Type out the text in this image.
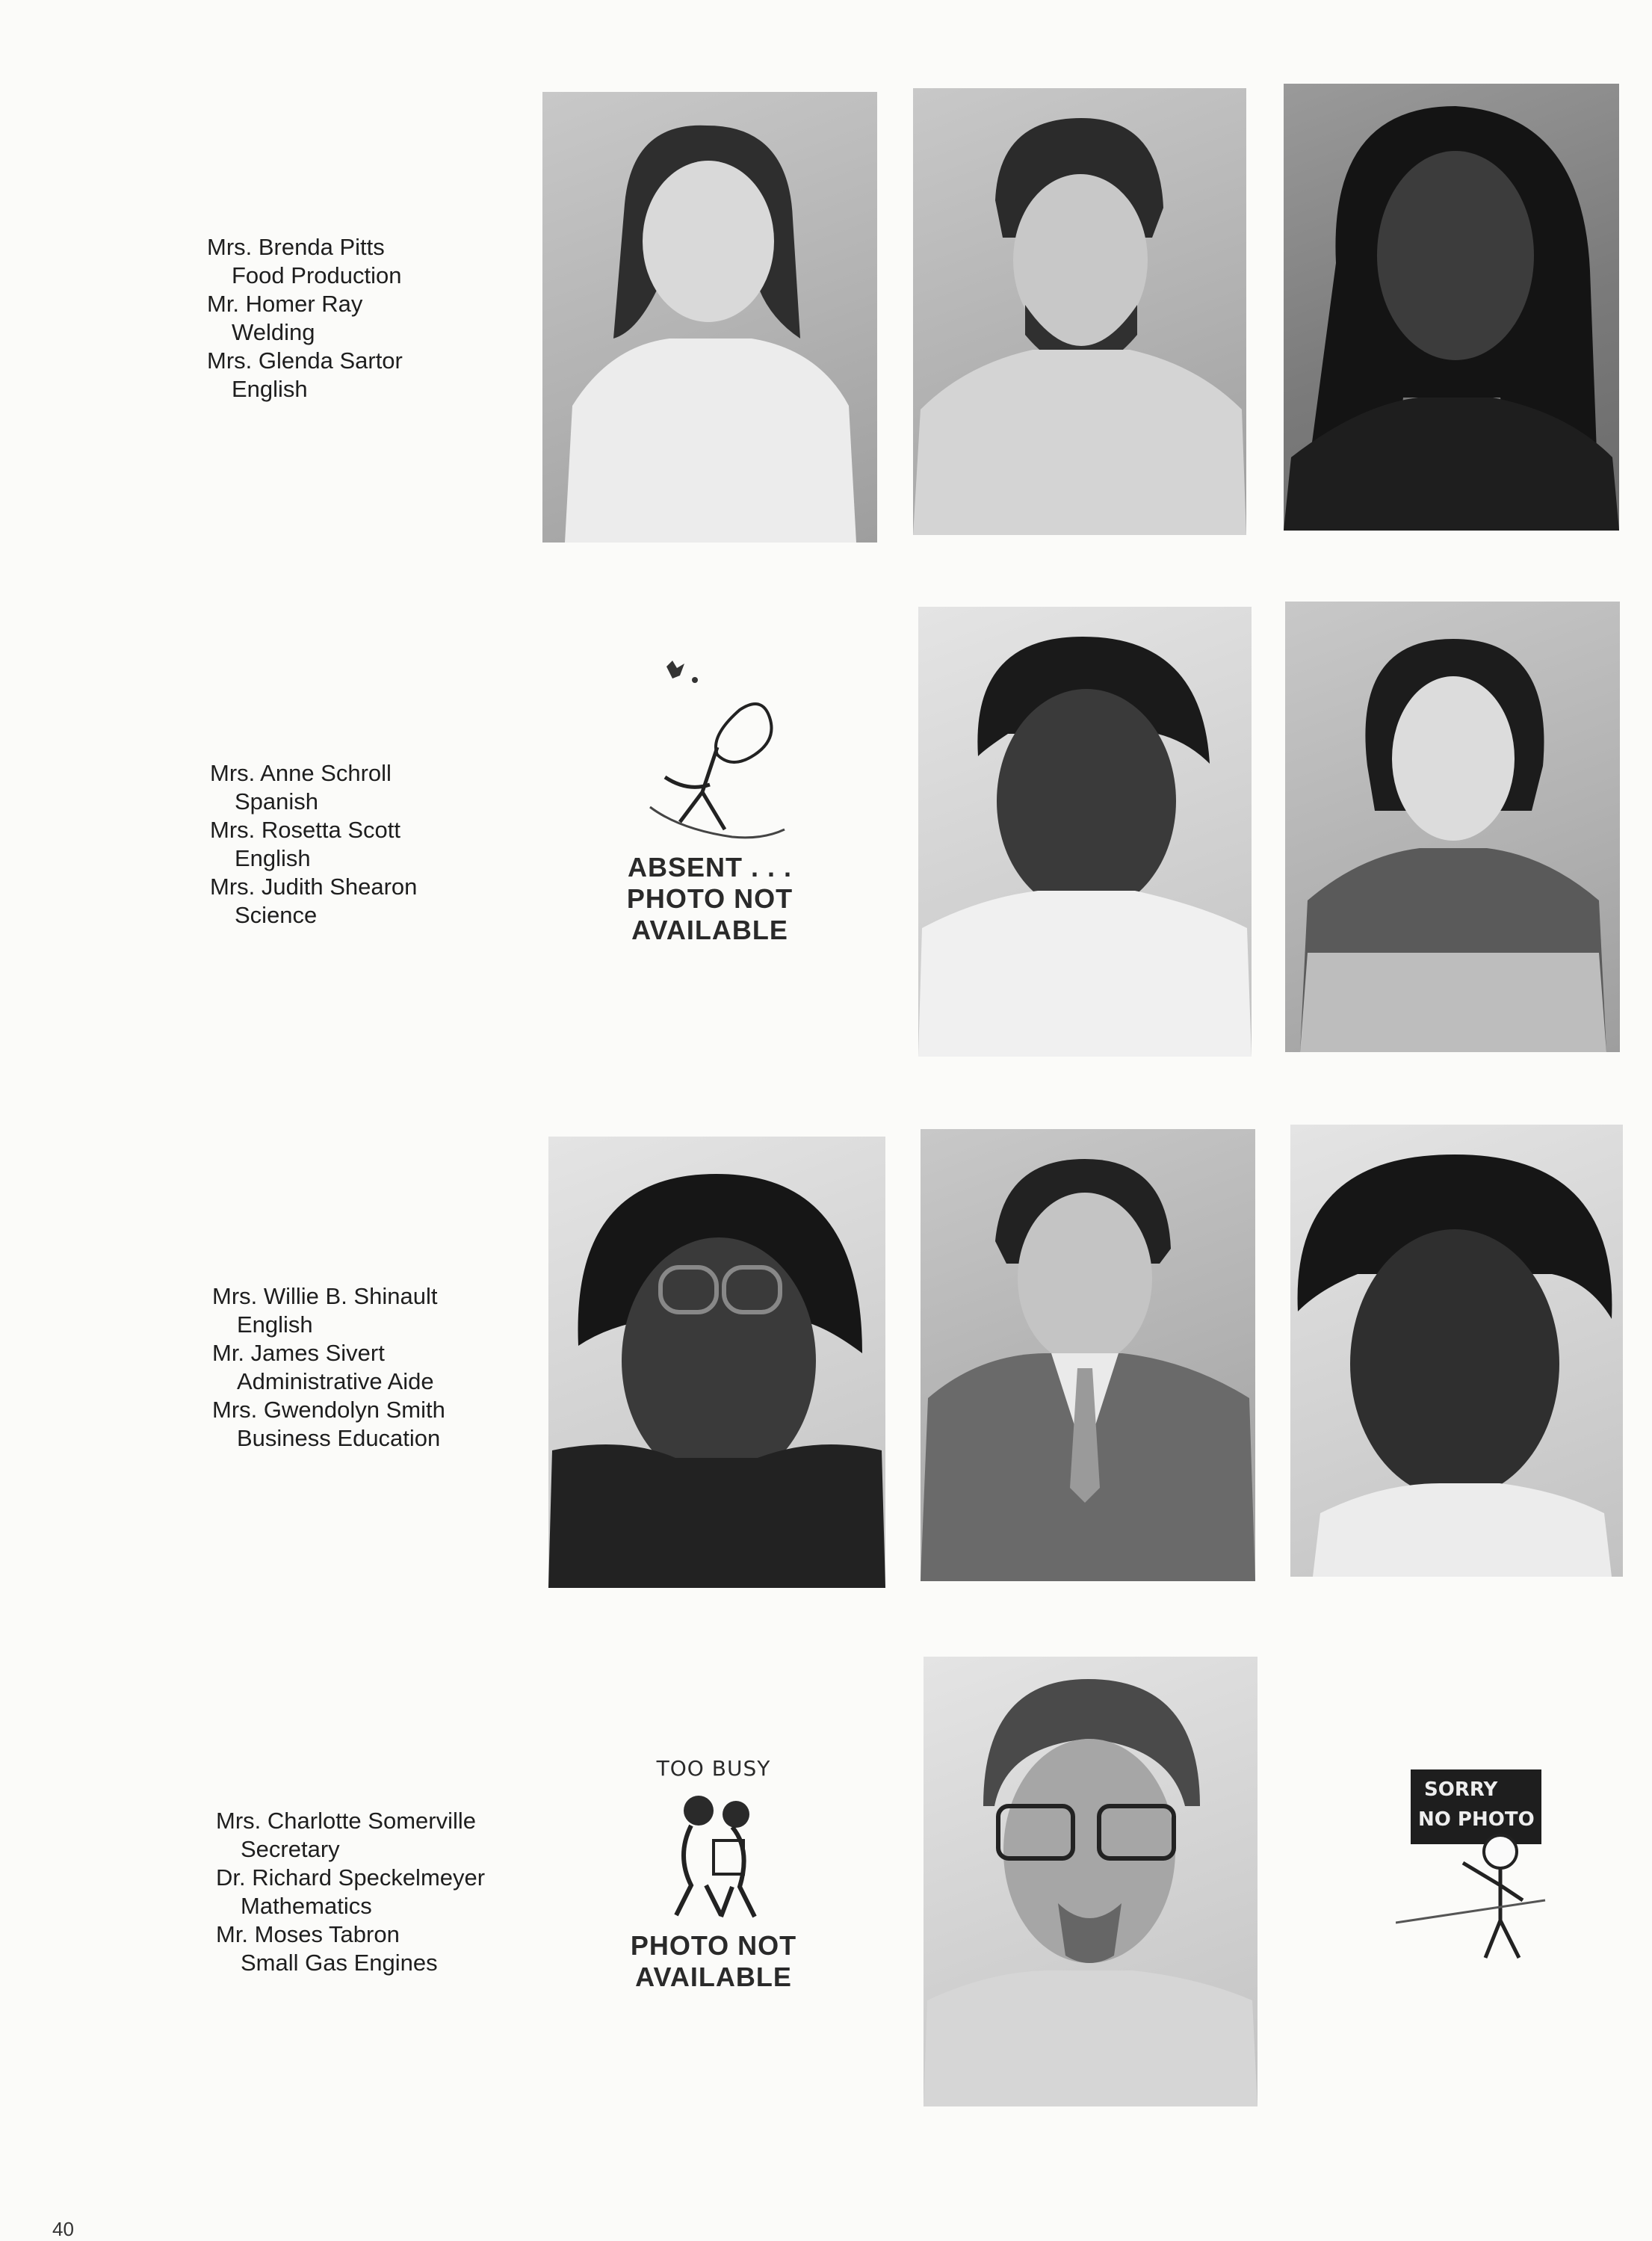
Mrs. Brenda Pitts
Food Production
Mr. Homer Ray
Welding
Mrs. Glenda Sartor
English
Mrs. Anne Schroll
Spanish
Mrs. Rosetta Scott
English
Mrs. Judith Shearon
Science
ABSENT . . .
PHOTO NOT
AVAILABLE
Mrs. Willie B. Shinault
English
Mr. James Sivert
Administrative Aide
Mrs. Gwendolyn Smith
Business Education
Mrs. Charlotte Somerville
Secretary
Dr. Richard Speckelmeyer
Mathematics
Mr. Moses Tabron
Small Gas Engines
TOO BUSY
PHOTO NOT
AVAILABLE
SORRY
NO PHOTO
40
